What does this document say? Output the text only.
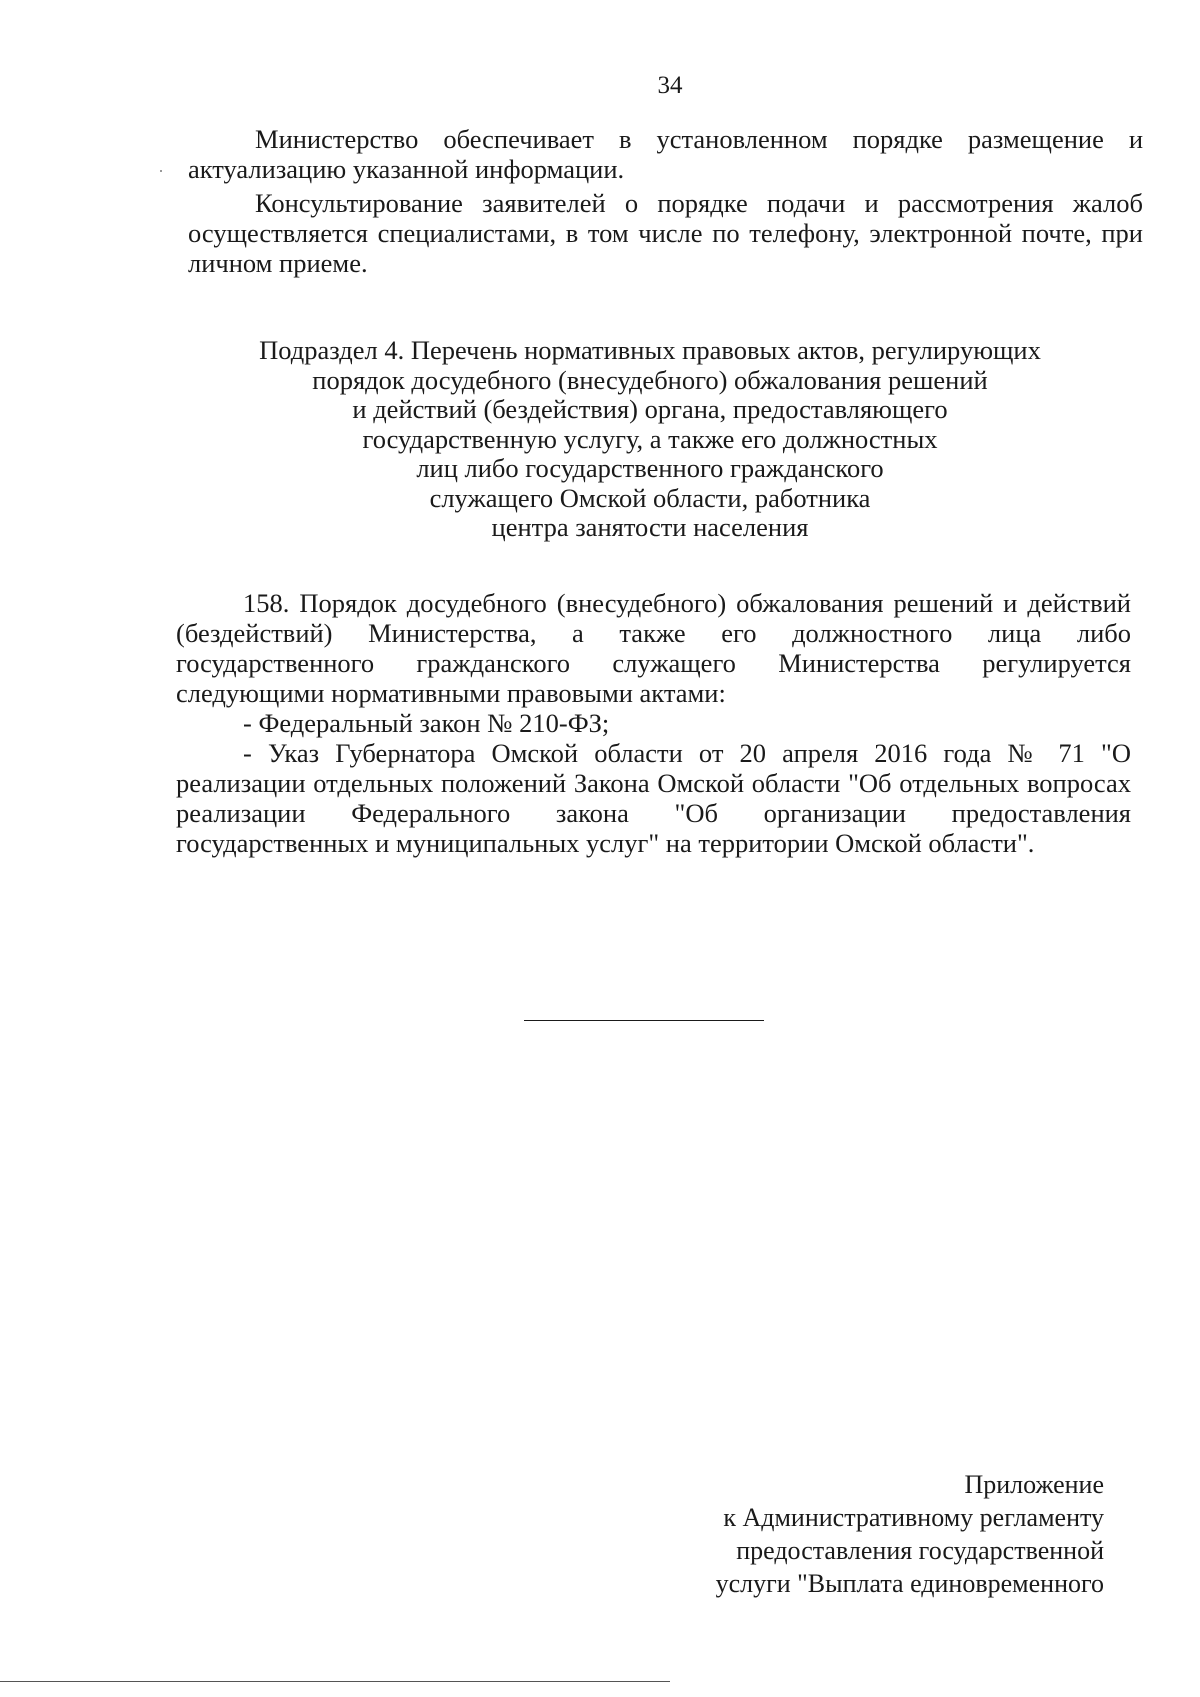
34
Министерство обеспечивает в установленном порядке размещение и актуализацию указанной информации.
Консультирование заявителей о порядке подачи и рассмотрения жалоб осуществляется специалистами, в том числе по телефону, электронной почте, при личном приеме.
Подраздел 4. Перечень нормативных правовых актов, регулирующих
порядок досудебного (внесудебного) обжалования решений
и действий (бездействия) органа, предоставляющего
государственную услугу, а также его должностных
лиц либо государственного гражданского
служащего Омской области, работника
центра занятости населения
158. Порядок досудебного (внесудебного) обжалования решений и действий (бездействий) Министерства, а также его должностного лица либо государственного гражданского служащего Министерства регулируется следующими нормативными правовыми актами:
- Федеральный закон № 210-ФЗ;
- Указ Губернатора Омской области от 20 апреля 2016 года № 71 "О реализации отдельных положений Закона Омской области "Об отдельных вопросах реализации Федерального закона "Об организации предоставления государственных и муниципальных услуг" на территории Омской области".
Приложение
к Административному регламенту
предоставления государственной
услуги "Выплата единовременного
